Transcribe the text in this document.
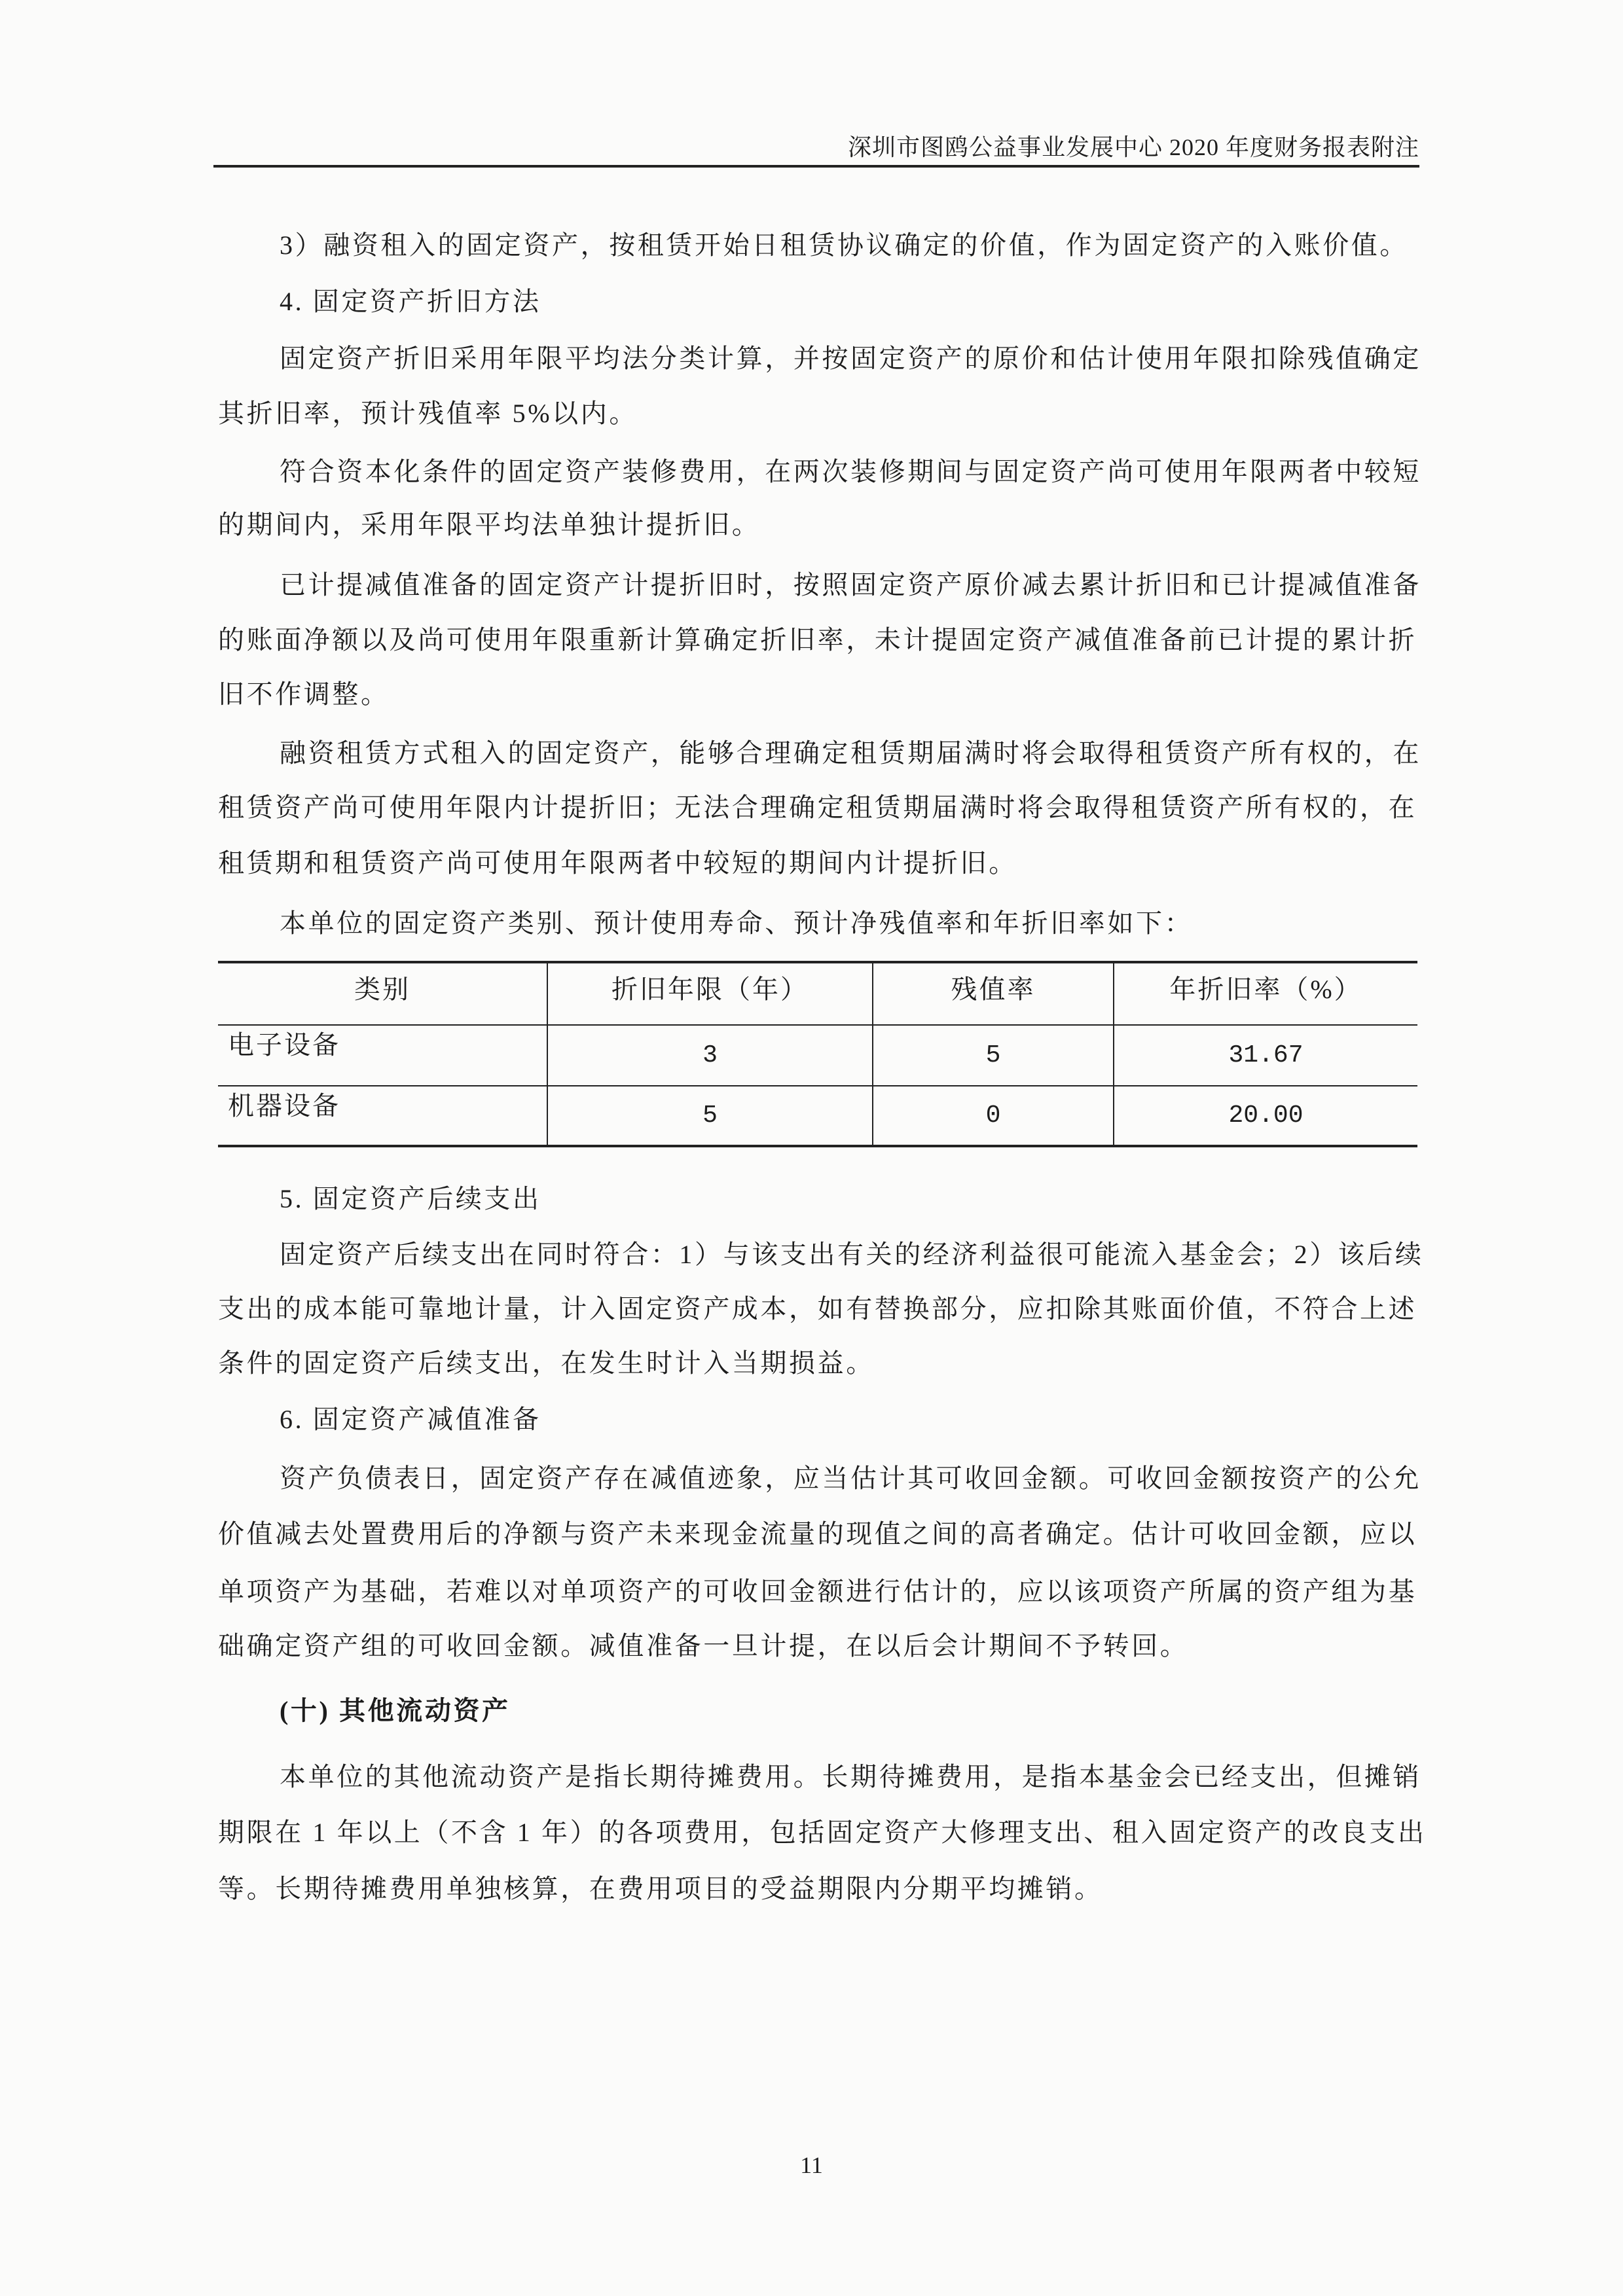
深圳市图鸥公益事业发展中心 2020 年度财务报表附注
3）融资租入的固定资产，按租赁开始日租赁协议确定的价值，作为固定资产的入账价值。
4. 固定资产折旧方法
固定资产折旧采用年限平均法分类计算，并按固定资产的原价和估计使用年限扣除残值确定
其折旧率，预计残值率 5%以内。
符合资本化条件的固定资产装修费用，在两次装修期间与固定资产尚可使用年限两者中较短
的期间内，采用年限平均法单独计提折旧。
已计提减值准备的固定资产计提折旧时，按照固定资产原价减去累计折旧和已计提减值准备
的账面净额以及尚可使用年限重新计算确定折旧率，未计提固定资产减值准备前已计提的累计折
旧不作调整。
融资租赁方式租入的固定资产，能够合理确定租赁期届满时将会取得租赁资产所有权的，在
租赁资产尚可使用年限内计提折旧；无法合理确定租赁期届满时将会取得租赁资产所有权的，在
租赁期和租赁资产尚可使用年限两者中较短的期间内计提折旧。
本单位的固定资产类别、预计使用寿命、预计净残值率和年折旧率如下：
类别	折旧年限（年）	残值率	年折旧率（%）
电子设备	3	5	31.67
机器设备	5	0	20.00
5. 固定资产后续支出
固定资产后续支出在同时符合：1）与该支出有关的经济利益很可能流入基金会；2）该后续
支出的成本能可靠地计量，计入固定资产成本，如有替换部分，应扣除其账面价值，不符合上述
条件的固定资产后续支出，在发生时计入当期损益。
6. 固定资产减值准备
资产负债表日，固定资产存在减值迹象，应当估计其可收回金额。可收回金额按资产的公允
价值减去处置费用后的净额与资产未来现金流量的现值之间的高者确定。估计可收回金额，应以
单项资产为基础，若难以对单项资产的可收回金额进行估计的，应以该项资产所属的资产组为基
础确定资产组的可收回金额。减值准备一旦计提，在以后会计期间不予转回。
(十) 其他流动资产
本单位的其他流动资产是指长期待摊费用。长期待摊费用，是指本基金会已经支出，但摊销
期限在 1 年以上（不含 1 年）的各项费用，包括固定资产大修理支出、租入固定资产的改良支出
等。长期待摊费用单独核算，在费用项目的受益期限内分期平均摊销。
11
